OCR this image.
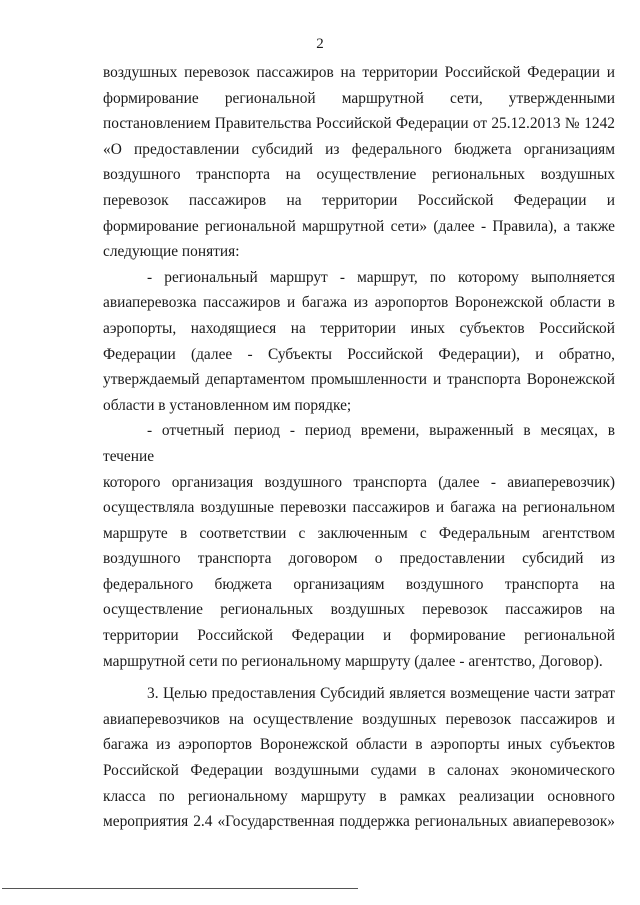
2

воздушных перевозок пассажиров на территории Российской Федерации и

формирование региональной маршрутной сети, утвержденными

постановлением Правительства Российской Федерации от 25.12.2013 № 1242

«О предоставлении субсидий из федерального бюджета организациям

воздушного транспорта на осуществление региональных воздушных

перевозок пассажиров на территории Российской Федерации и

формирование региональной маршрутной сети» (далее - Правила), а также

следующие понятия:

- региональный маршрут - маршрут, по которому выполняется

авиаперевозка пассажиров и багажа из аэропортов Воронежской области в

аэропорты, находящиеся на территории иных субъектов Российской

Федерации (далее - Субъекты Российской Федерации), и обратно,

утверждаемый департаментом промышленности и транспорта Воронежской

области в установленном им порядке;

- отчетный период - период времени, выраженный в месяцах, в течение

которого организация воздушного транспорта (далее - авиаперевозчик)

осуществляла воздушные перевозки пассажиров и багажа на региональном

маршруте в соответствии с заключенным с Федеральным агентством

воздушного транспорта договором о предоставлении субсидий из

федерального бюджета организациям воздушного транспорта на

осуществление региональных воздушных перевозок пассажиров на

территории Российской Федерации и формирование региональной

маршрутной сети по региональному маршруту (далее - агентство, Договор).

3. Целью предоставления Субсидий является возмещение части затрат

авиаперевозчиков на осуществление воздушных перевозок пассажиров и

багажа из аэропортов Воронежской области в аэропорты иных субъектов

Российской Федерации воздушными судами в салонах экономического

класса по региональному маршруту в рамках реализации основного

мероприятия 2.4 «Государственная поддержка региональных авиаперевозок»
